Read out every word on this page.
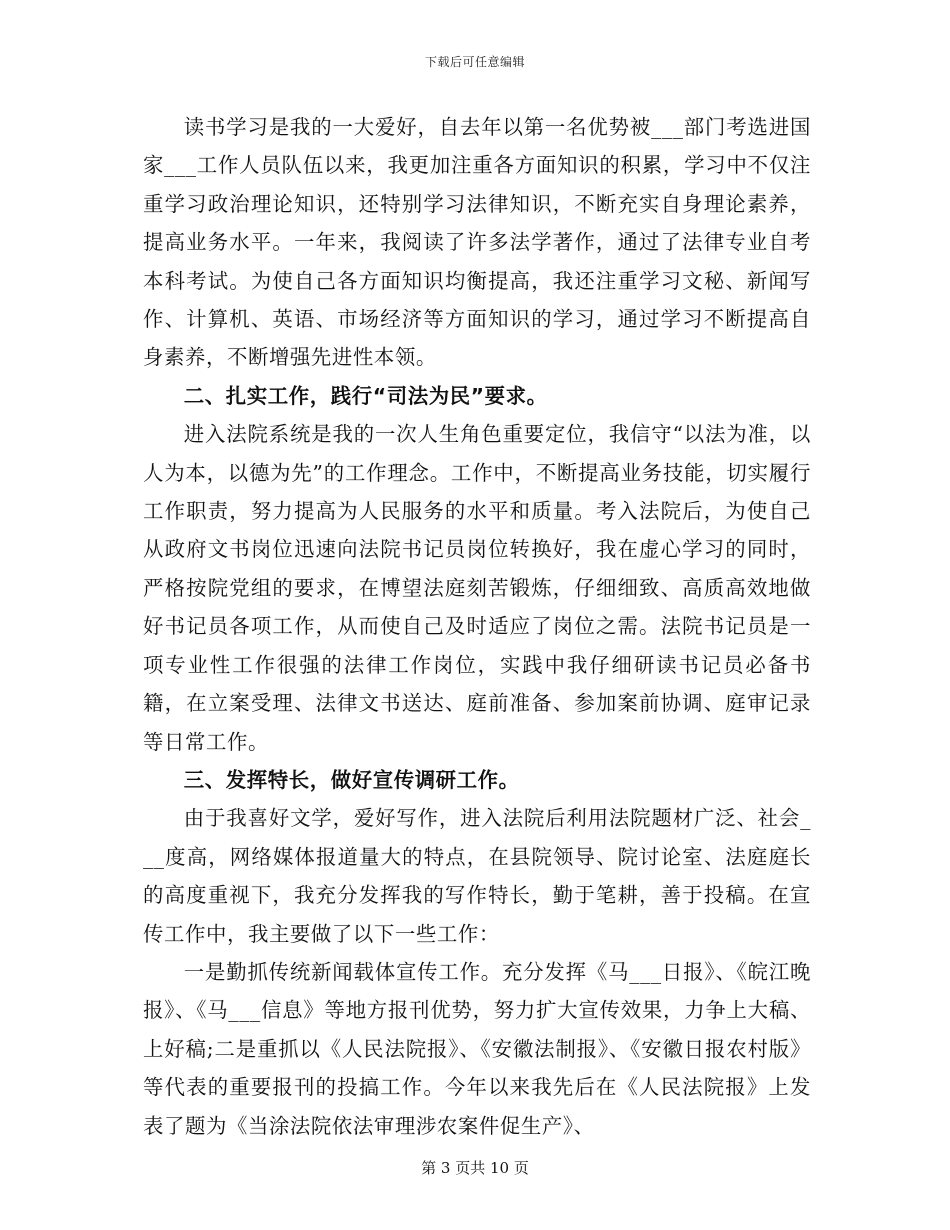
下载后可任意编辑

读书学习是我的一大爱好，自去年以第一名优势被___部门考选进国家___工作人员队伍以来，我更加注重各方面知识的积累，学习中不仅注重学习政治理论知识，还特别学习法律知识，不断充实自身理论素养，提高业务水平。一年来，我阅读了许多法学著作，通过了法律专业自考本科考试。为使自己各方面知识均衡提高，我还注重学习文秘、新闻写作、计算机、英语、市场经济等方面知识的学习，通过学习不断提高自身素养，不断增强先进性本领。

二、扎实工作，践行“司法为民”要求。

进入法院系统是我的一次人生角色重要定位，我信守“以法为准，以人为本，以德为先”的工作理念。工作中，不断提高业务技能，切实履行工作职责，努力提高为人民服务的水平和质量。考入法院后，为使自己从政府文书岗位迅速向法院书记员岗位转换好，我在虚心学习的同时，严格按院党组的要求，在博望法庭刻苦锻炼，仔细细致、高质高效地做好书记员各项工作，从而使自己及时适应了岗位之需。法院书记员是一项专业性工作很强的法律工作岗位，实践中我仔细研读书记员必备书籍，在立案受理、法律文书送达、庭前准备、参加案前协调、庭审记录等日常工作。

三、发挥特长，做好宣传调研工作。

由于我喜好文学，爱好写作，进入法院后利用法院题材广泛、社会___度高，网络媒体报道量大的特点，在县院领导、院讨论室、法庭庭长的高度重视下，我充分发挥我的写作特长，勤于笔耕，善于投稿。在宣传工作中，我主要做了以下一些工作：

一是勤抓传统新闻载体宣传工作。充分发挥《马___日报》、《皖江晚报》、《马___信息》等地方报刊优势，努力扩大宣传效果，力争上大稿、上好稿;二是重抓以《人民法院报》、《安徽法制报》、《安徽日报农村版》等代表的重要报刊的投搞工作。今年以来我先后在《人民法院报》上发表了题为《当涂法院依法审理涉农案件促生产》、

第 3 页共 10 页
